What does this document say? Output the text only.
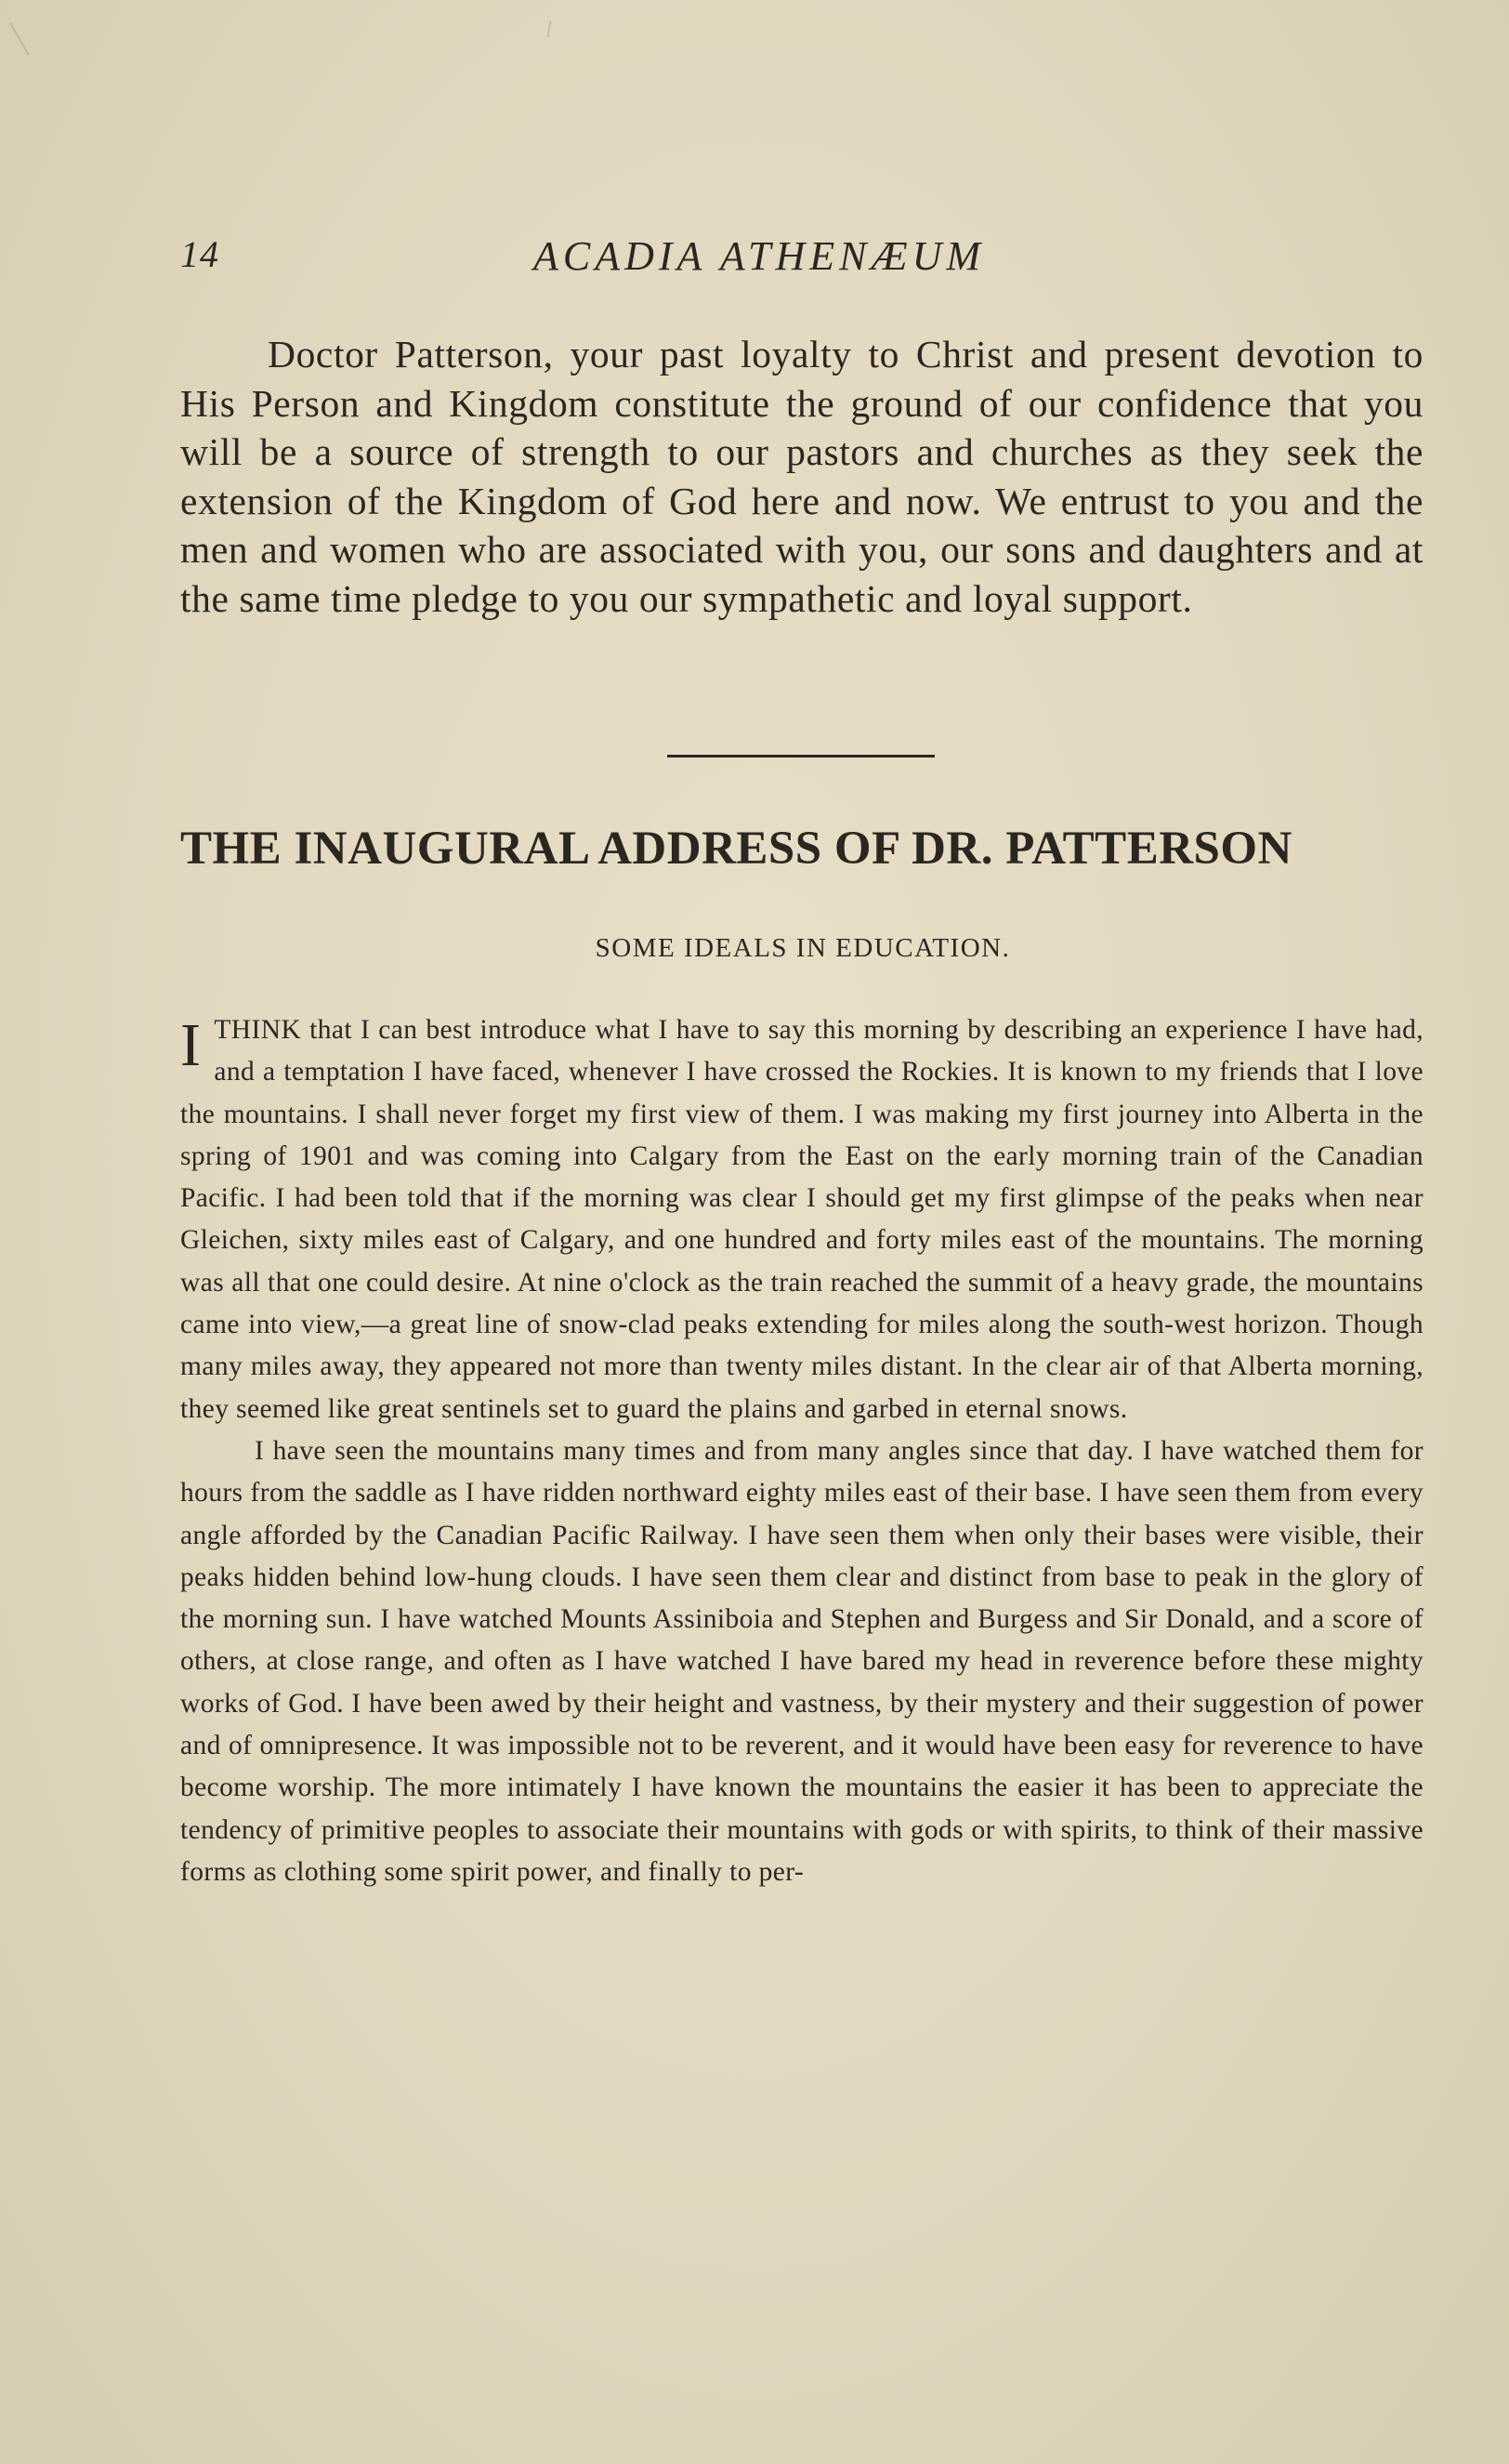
14	ACADIA ATHENÆUM

Doctor Patterson, your past loyalty to Christ and present devotion to His Person and Kingdom constitute the ground of our confidence that you will be a source of strength to our pastors and churches as they seek the extension of the Kingdom of God here and now. We entrust to you and the men and women who are associated with you, our sons and daughters and at the same time pledge to you our sympathetic and loyal support.

THE INAUGURAL ADDRESS OF DR. PATTERSON

SOME IDEALS IN EDUCATION.

ITHINK that I can best introduce what I have to say this morning by describing an experience I have had, and a temptation I have faced, whenever I have crossed the Rockies. It is known to my friends that I love the mountains. I shall never forget my first view of them. I was making my first journey into Alberta in the spring of 1901 and was coming into Calgary from the East on the early morning train of the Canadian Pacific. I had been told that if the morning was clear I should get my first glimpse of the peaks when near Gleichen, sixty miles east of Calgary, and one hundred and forty miles east of the mountains. The morning was all that one could desire. At nine o'clock as the train reached the summit of a heavy grade, the mountains came into view,—a great line of snow-clad peaks extending for miles along the south-west horizon. Though many miles away, they appeared not more than twenty miles distant. In the clear air of that Alberta morning, they seemed like great sentinels set to guard the plains and garbed in eternal snows.

I have seen the mountains many times and from many angles since that day. I have watched them for hours from the saddle as I have ridden northward eighty miles east of their base. I have seen them from every angle afforded by the Canadian Pacific Railway. I have seen them when only their bases were visible, their peaks hidden behind low-hung clouds. I have seen them clear and distinct from base to peak in the glory of the morning sun. I have watched Mounts Assiniboia and Stephen and Burgess and Sir Donald, and a score of others, at close range, and often as I have watched I have bared my head in reverence before these mighty works of God. I have been awed by their height and vastness, by their mystery and their suggestion of power and of omnipresence. It was impossible not to be reverent, and it would have been easy for reverence to have become worship. The more intimately I have known the mountains the easier it has been to appreciate the tendency of primitive peoples to associate their mountains with gods or with spirits, to think of their massive forms as clothing some spirit power, and finally to per-
